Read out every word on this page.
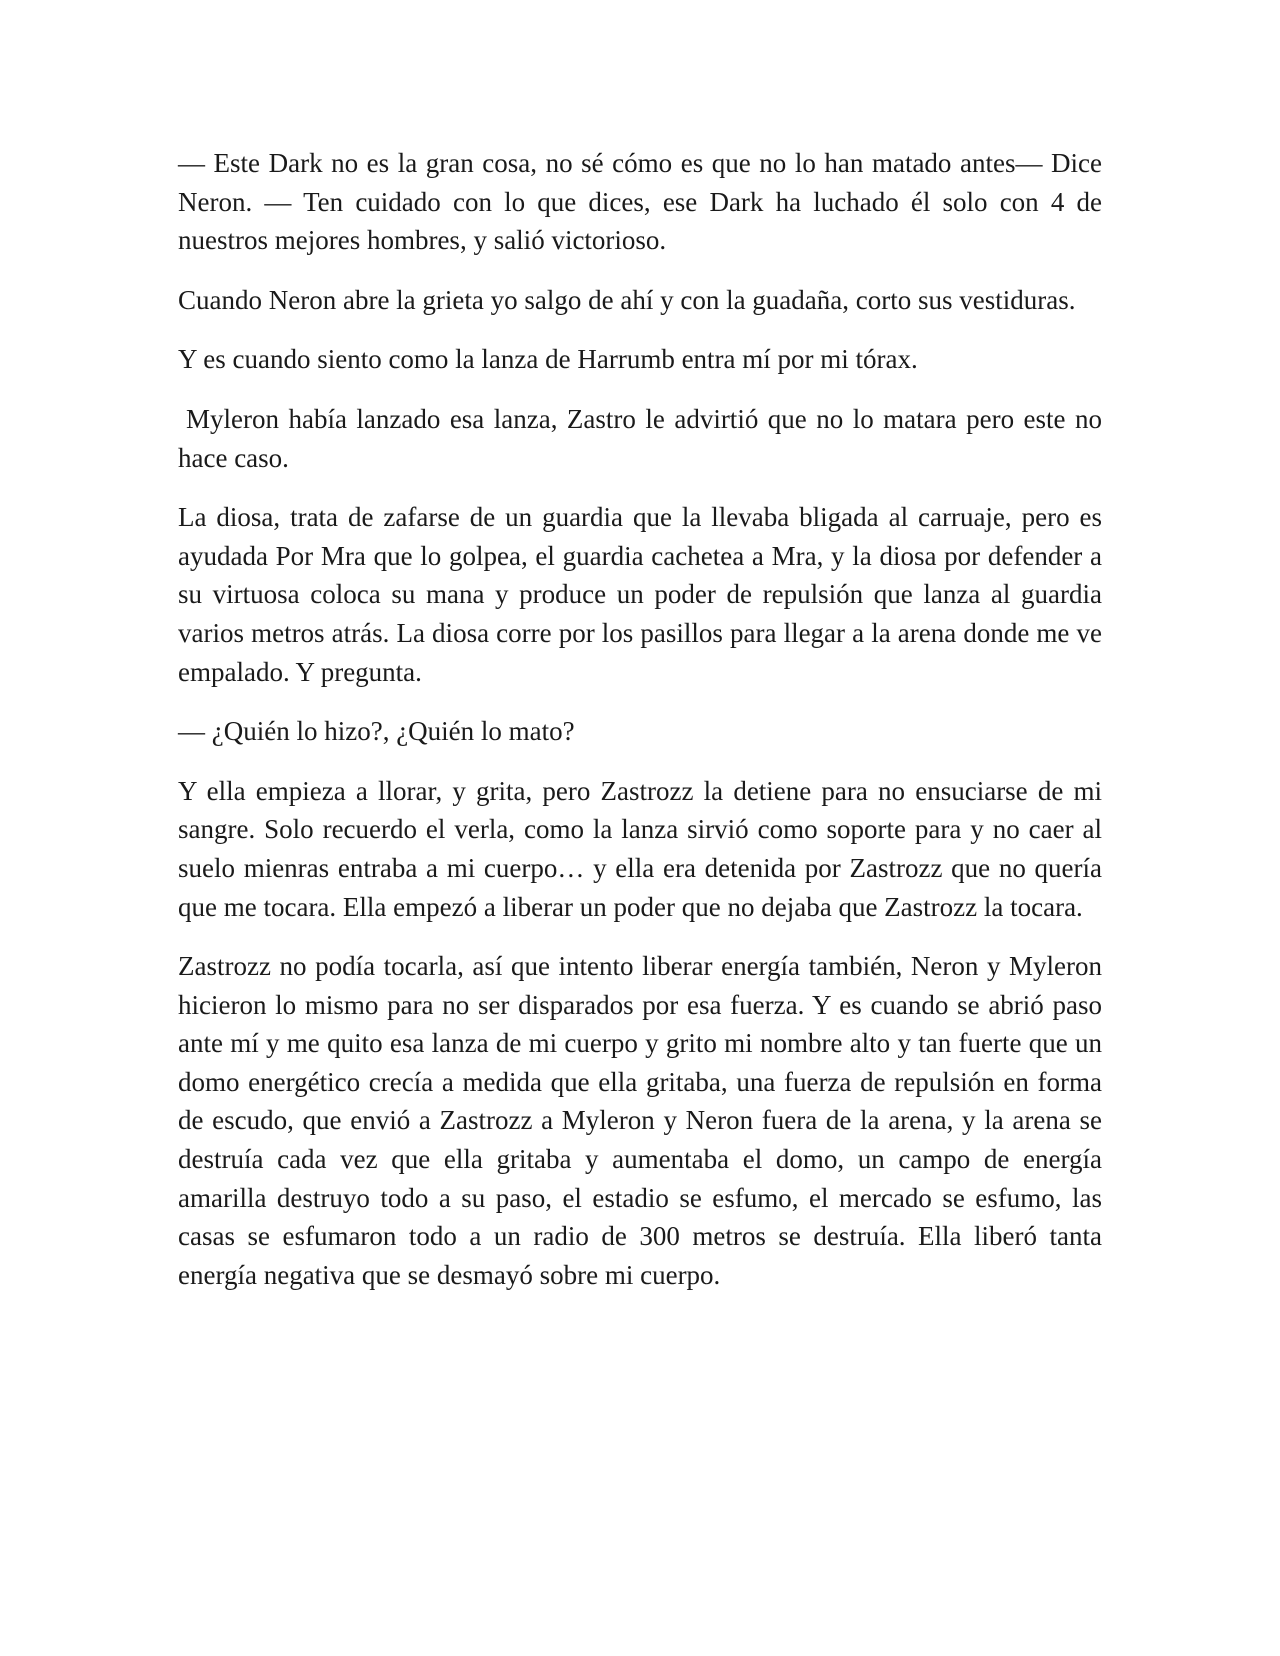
— Este Dark no es la gran cosa, no sé cómo es que no lo han matado antes— Dice Neron. — Ten cuidado con lo que dices, ese Dark ha luchado él solo con 4 de nuestros mejores hombres, y salió victorioso.

Cuando Neron abre la grieta yo salgo de ahí y con la guadaña, corto sus vestiduras.

Y es cuando siento como la lanza de Harrumb entra mí por mi tórax.

Myleron había lanzado esa lanza, Zastro le advirtió que no lo matara pero este no hace caso.

La diosa, trata de zafarse de un guardia que la llevaba bligada al carruaje, pero es ayudada Por Mra que lo golpea, el guardia cachetea a Mra, y la diosa por defender a su virtuosa coloca su mana y produce un poder de repulsión que lanza al guardia varios metros atrás. La diosa corre por los pasillos para llegar a la arena donde me ve empalado. Y pregunta.

— ¿Quién lo hizo?, ¿Quién lo mato?

Y ella empieza a llorar, y grita, pero Zastrozz la detiene para no ensuciarse de mi sangre. Solo recuerdo el verla, como la lanza sirvió como soporte para y no caer al suelo mienras entraba a mi cuerpo… y ella era detenida por Zastrozz que no quería que me tocara. Ella empezó a liberar un poder que no dejaba que Zastrozz la tocara.

Zastrozz no podía tocarla, así que intento liberar energía también, Neron y Myleron hicieron lo mismo para no ser disparados por esa fuerza. Y es cuando se abrió paso ante mí y me quito esa lanza de mi cuerpo y grito mi nombre alto y tan fuerte que un domo energético crecía a medida que ella gritaba, una fuerza de repulsión en forma de escudo, que envió a Zastrozz a Myleron y Neron fuera de la arena, y la arena se destruía cada vez que ella gritaba y aumentaba el domo, un campo de energía amarilla destruyo todo a su paso, el estadio se esfumo, el mercado se esfumo, las casas se esfumaron todo a un radio de 300 metros se destruía. Ella liberó tanta energía negativa que se desmayó sobre mi cuerpo.
